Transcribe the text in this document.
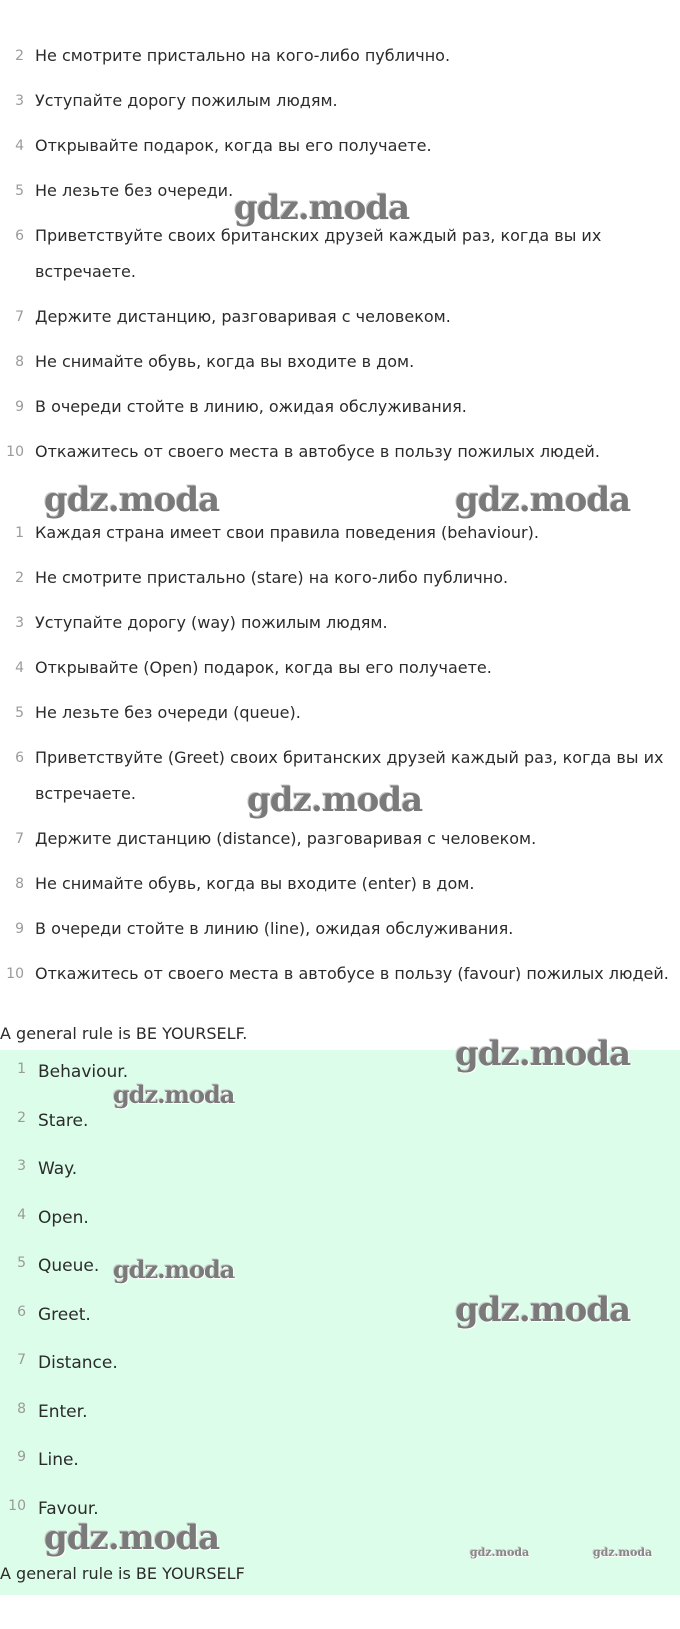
2 Не смотрите пристально на кого-либо публично.
3 Уступайте дорогу пожилым людям.
4 Открывайте подарок, когда вы его получаете.
5 Не лезьте без очереди.
6 Приветствуйте своих британских друзей каждый раз, когда вы их встречаете.
7 Держите дистанцию, разговаривая с человеком.
8 Не снимайте обувь, когда вы входите в дом.
9 В очереди стойте в линию, ожидая обслуживания.
10 Откажитесь от своего места в автобусе в пользу пожилых людей.
1 Каждая страна имеет свои правила поведения (behaviour).
2 Не смотрите пристально (stare) на кого-либо публично.
3 Уступайте дорогу (way) пожилым людям.
4 Открывайте (Open) подарок, когда вы его получаете.
5 Не лезьте без очереди (queue).
6 Приветствуйте (Greet) своих британских друзей каждый раз, когда вы их встречаете.
7 Держите дистанцию (distance), разговаривая с человеком.
8 Не снимайте обувь, когда вы входите (enter) в дом.
9 В очереди стойте в линию (line), ожидая обслуживания.
10 Откажитесь от своего места в автобусе в пользу (favour) пожилых людей.
A general rule is BE YOURSELF.
1 Behaviour.
2 Stare.
3 Way.
4 Open.
5 Queue.
6 Greet.
7 Distance.
8 Enter.
9 Line.
10 Favour.
A general rule is BE YOURSELF
gdz.moda
gdz.moda	gdz.moda
gdz.moda
gdz.moda
gdz.moda
gdz.moda
gdz.moda
gdz.moda	gdz.moda	gdz.moda
